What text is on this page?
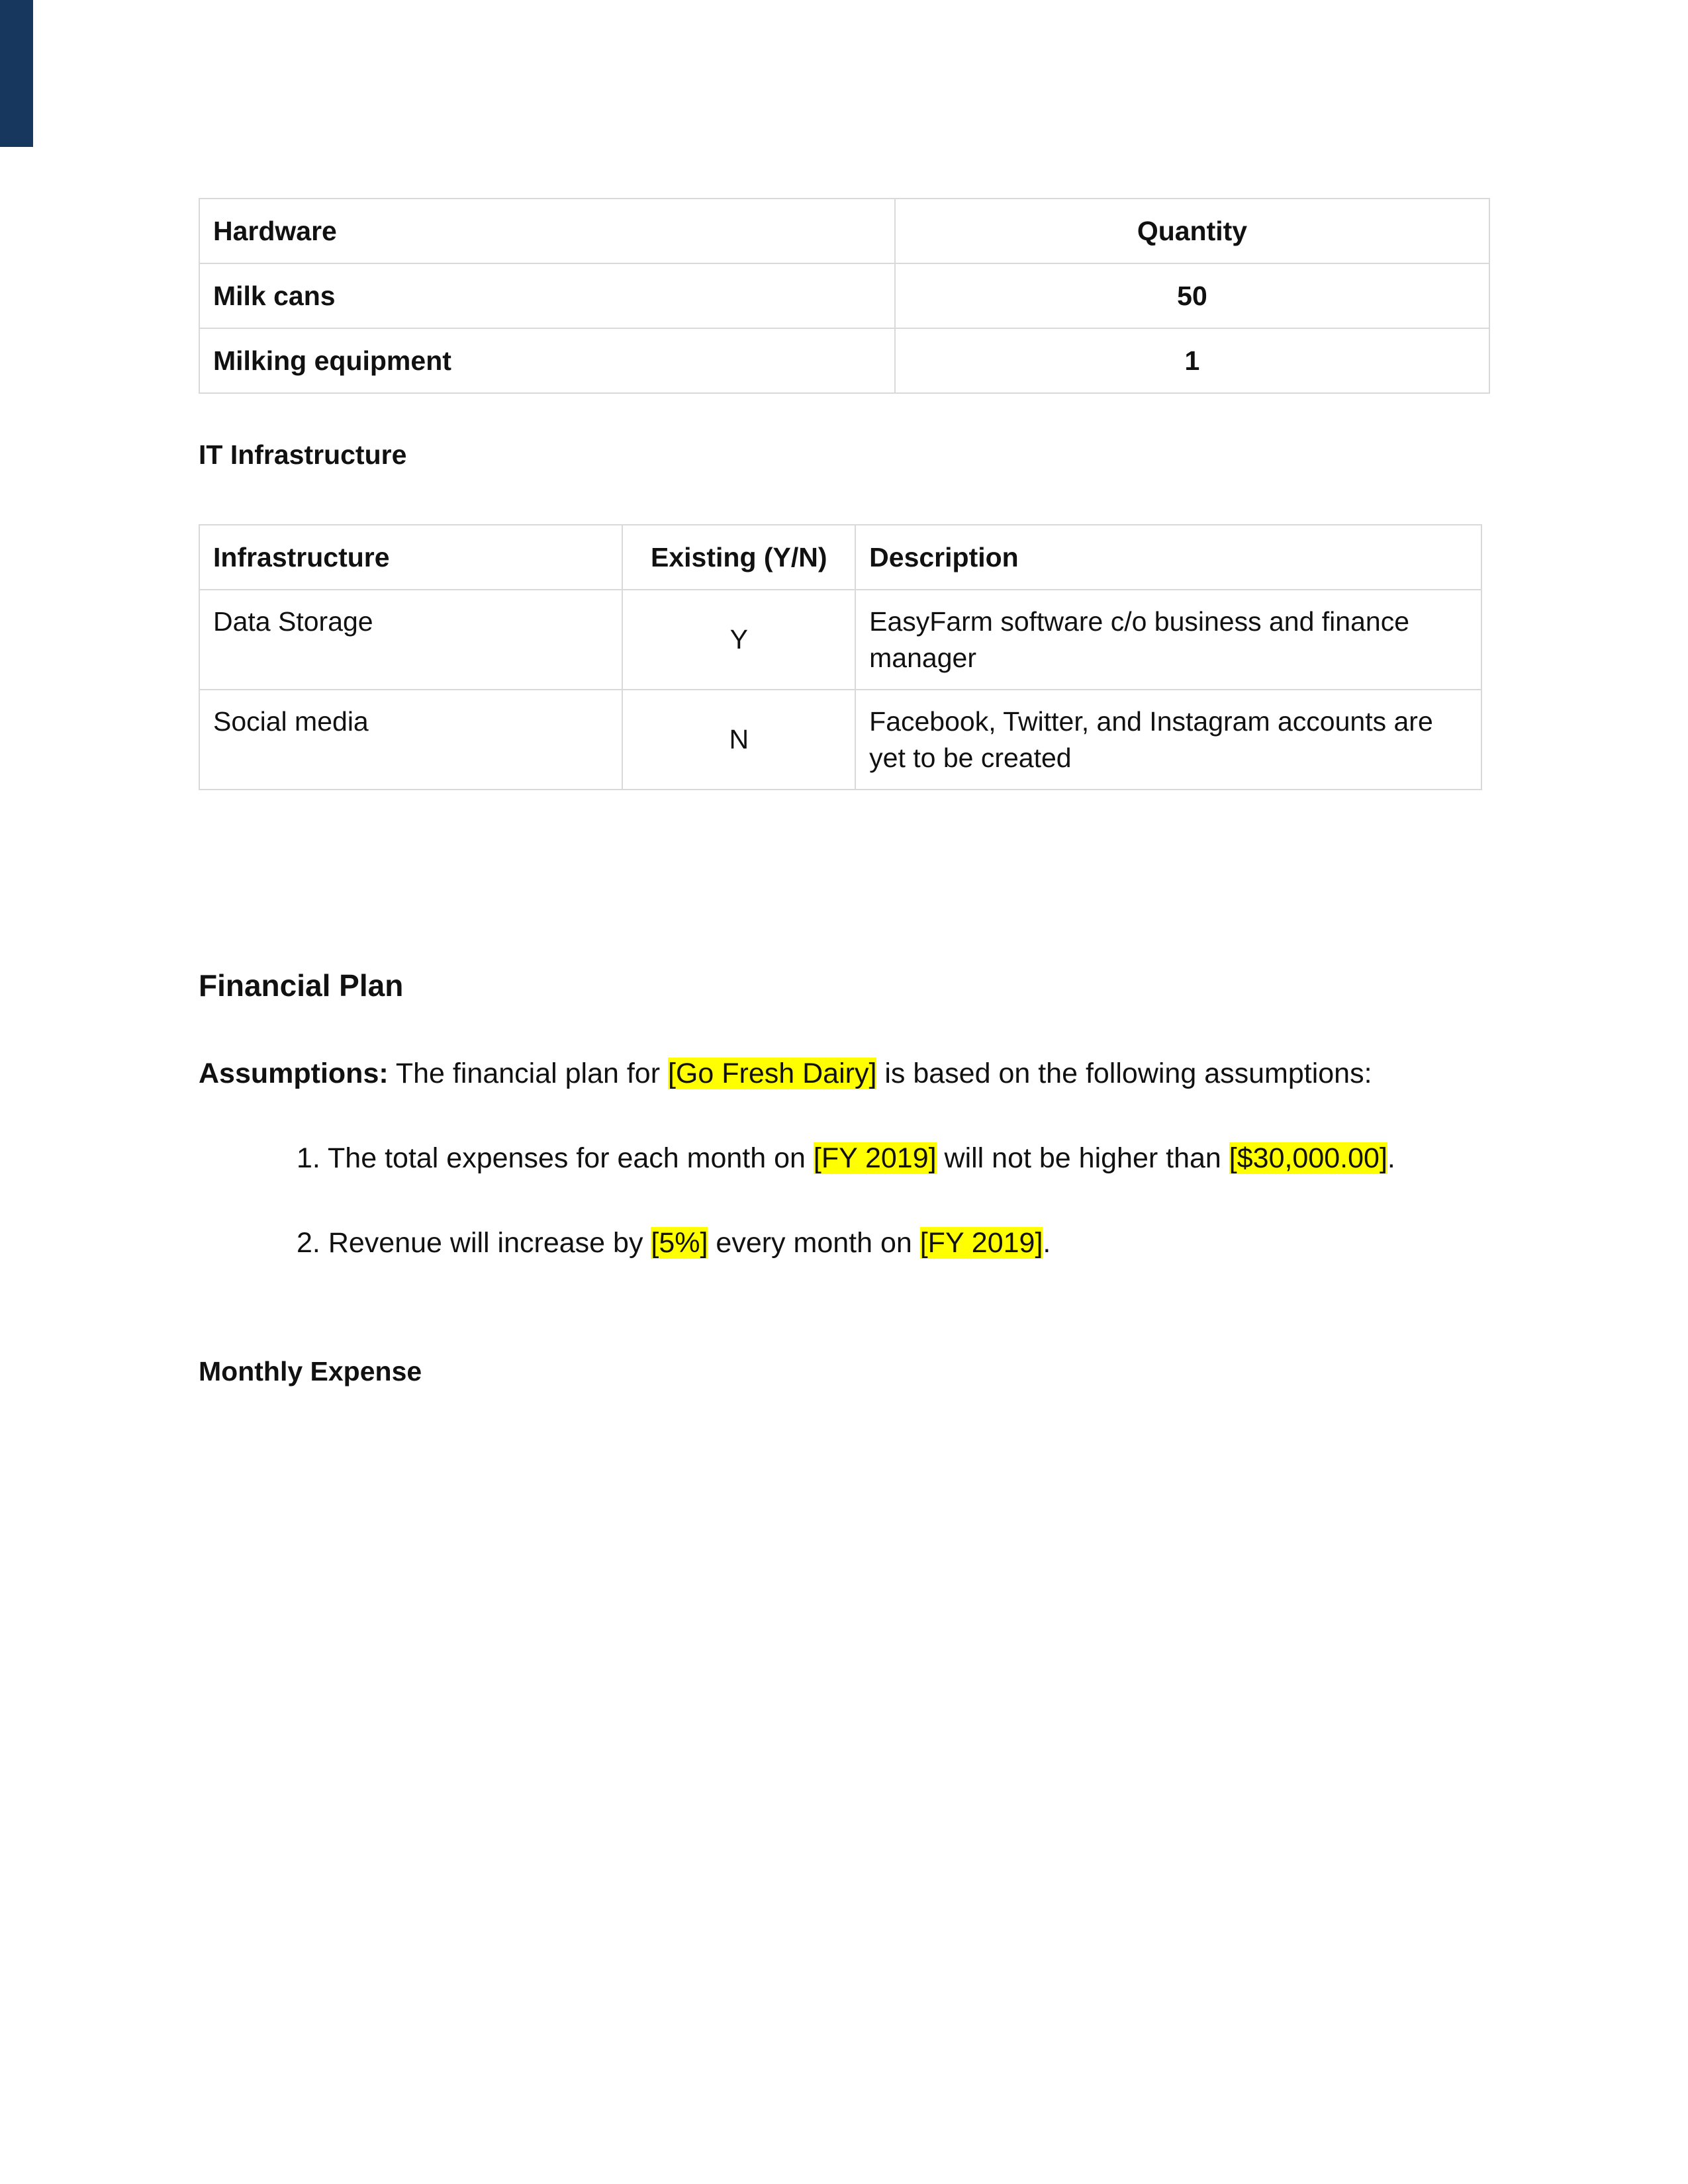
Hardware	Quantity
Milk cans	50
Milking equipment	1
IT Infrastructure
Infrastructure	Existing (Y/N)	Description
Data Storage	Y	EasyFarm software c/o business and finance manager
Social media	N	Facebook, Twitter, and Instagram accounts are yet to be created
Financial Plan
Assumptions: The financial plan for [Go Fresh Dairy] is based on the following assumptions:
1. The total expenses for each month on [FY 2019] will not be higher than [$30,000.00].
2. Revenue will increase by [5%] every month on [FY 2019].
Monthly Expense
